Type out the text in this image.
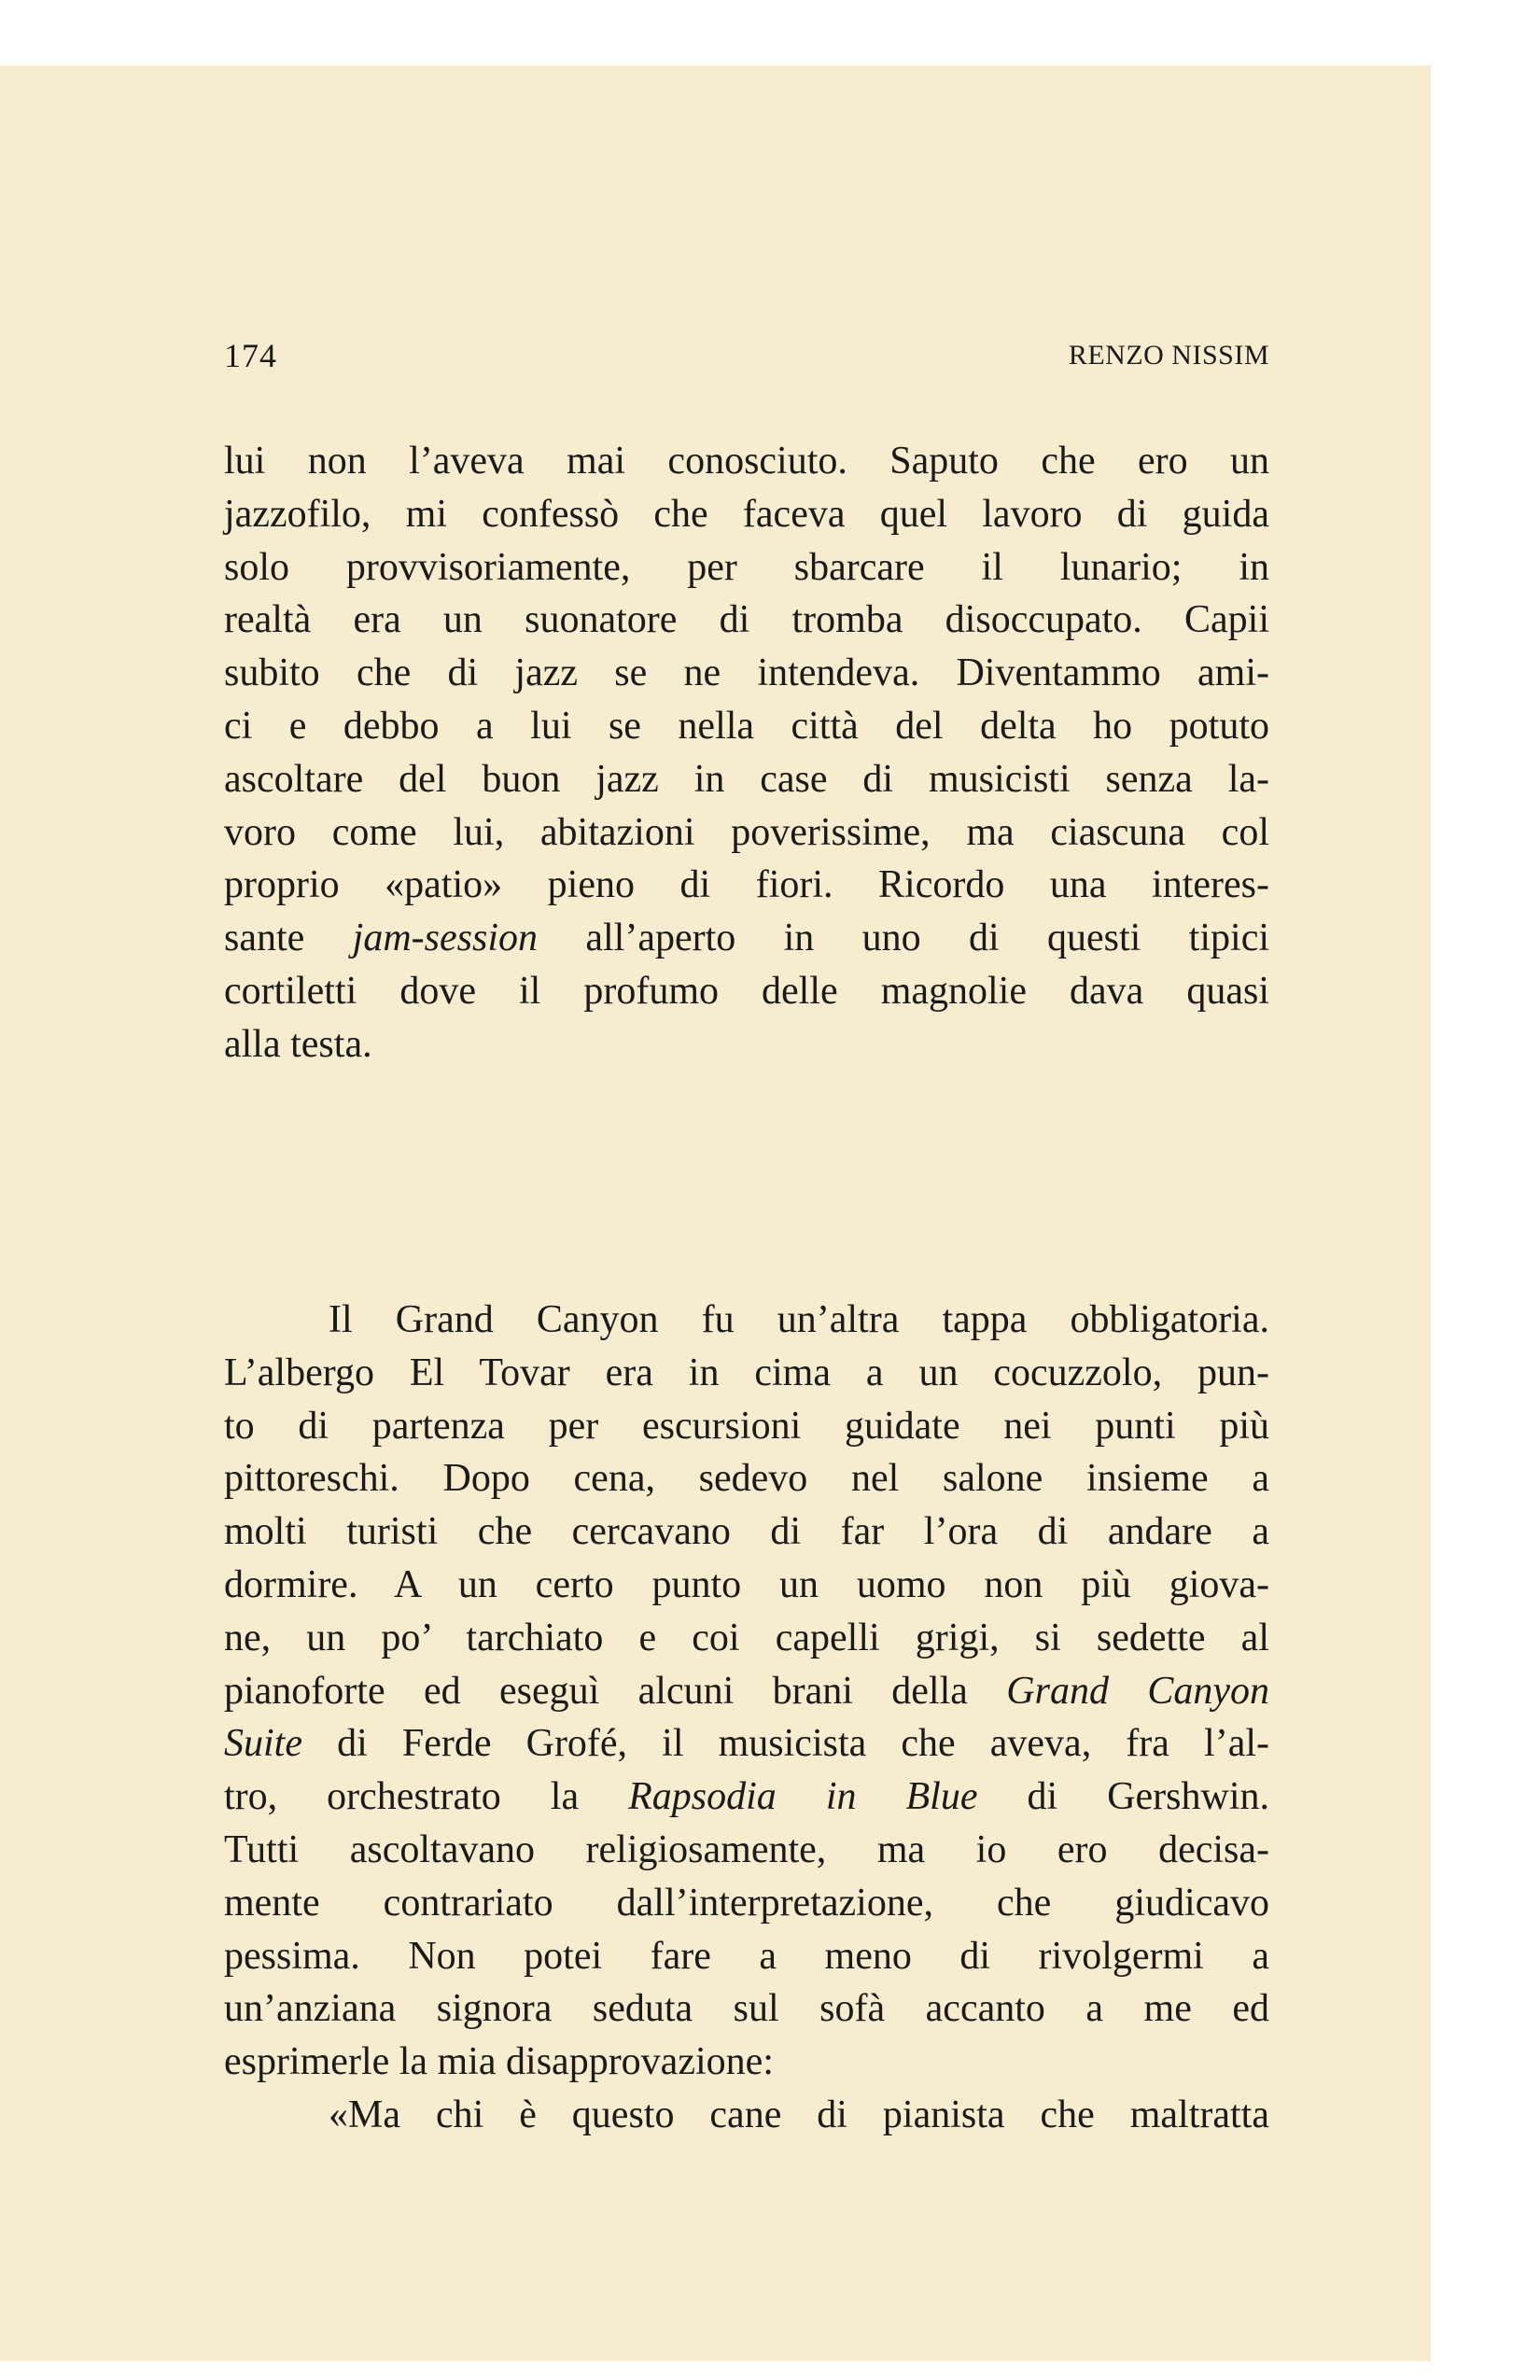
174	RENZO NISSIM
lui non l’aveva mai conosciuto. Saputo che ero un
jazzofilo, mi confessò che faceva quel lavoro di guida
solo provvisoriamente, per sbarcare il lunario; in
realtà era un suonatore di tromba disoccupato. Capii
subito che di jazz se ne intendeva. Diventammo ami-
ci e debbo a lui se nella città del delta ho potuto
ascoltare del buon jazz in case di musicisti senza la-
voro come lui, abitazioni poverissime, ma ciascuna col
proprio «patio» pieno di fiori. Ricordo una interes-
sante jam-session all’aperto in uno di questi tipici
cortiletti dove il profumo delle magnolie dava quasi
alla testa.
Il Grand Canyon fu un’altra tappa obbligatoria.
L’albergo El Tovar era in cima a un cocuzzolo, pun-
to di partenza per escursioni guidate nei punti più
pittoreschi. Dopo cena, sedevo nel salone insieme a
molti turisti che cercavano di far l’ora di andare a
dormire. A un certo punto un uomo non più giova-
ne, un po’ tarchiato e coi capelli grigi, si sedette al
pianoforte ed eseguì alcuni brani della Grand Canyon
Suite di Ferde Grofé, il musicista che aveva, fra l’al-
tro, orchestrato la Rapsodia in Blue di Gershwin.
Tutti ascoltavano religiosamente, ma io ero decisa-
mente contrariato dall’interpretazione, che giudicavo
pessima. Non potei fare a meno di rivolgermi a
un’anziana signora seduta sul sofà accanto a me ed
esprimerle la mia disapprovazione:
«Ma chi è questo cane di pianista che maltratta
